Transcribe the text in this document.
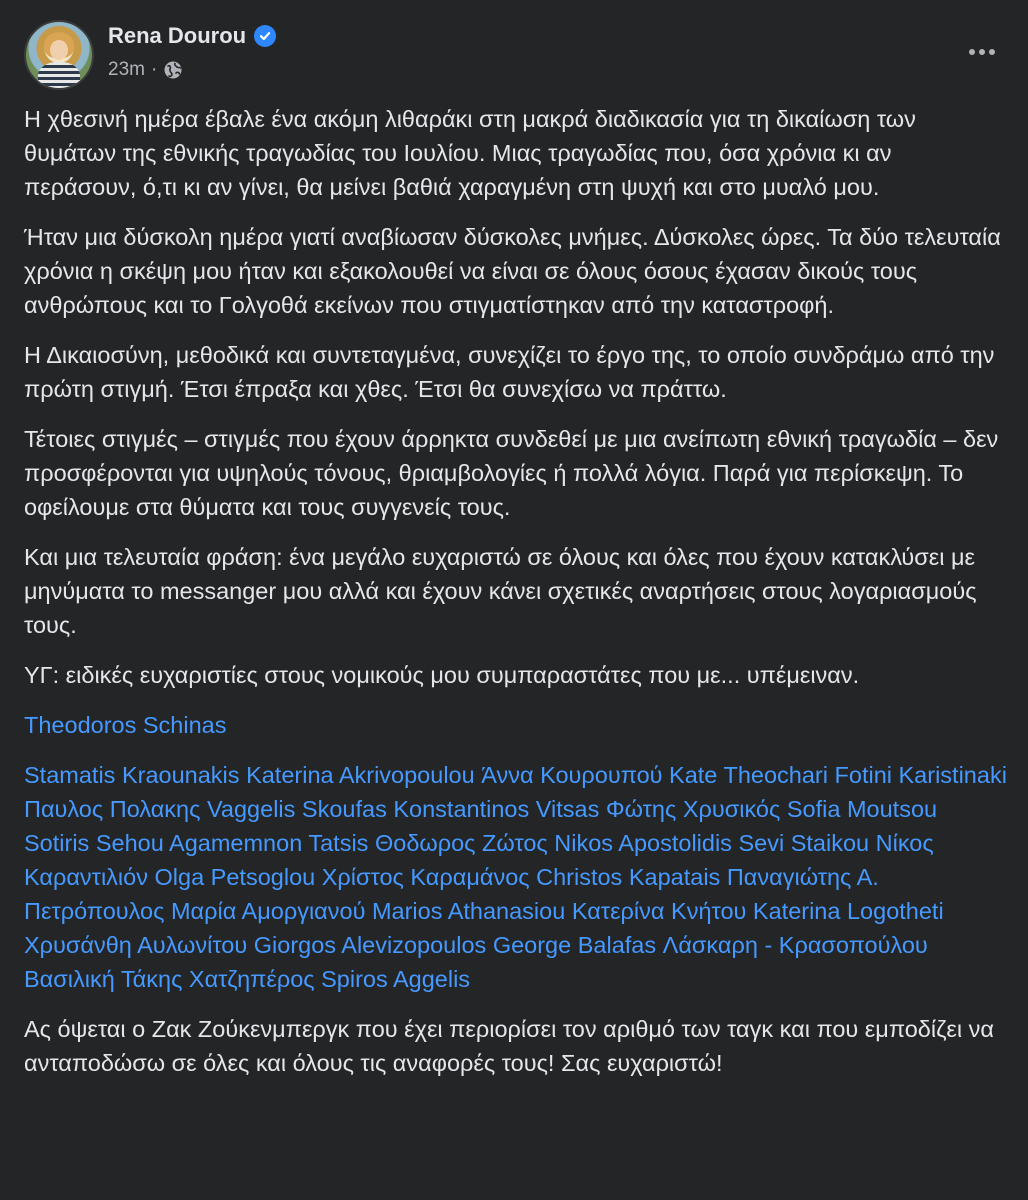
Rena Dourou
23m ·

Η χθεσινή ημέρα έβαλε ένα ακόμη λιθαράκι στη μακρά διαδικασία για τη δικαίωση των θυμάτων της εθνικής τραγωδίας του Ιουλίου. Μιας τραγωδίας που, όσα χρόνια κι αν περάσουν, ό,τι κι αν γίνει, θα μείνει βαθιά χαραγμένη στη ψυχή και στο μυαλό μου.

Ήταν μια δύσκολη ημέρα γιατί αναβίωσαν δύσκολες μνήμες. Δύσκολες ώρες. Τα δύο τελευταία χρόνια η σκέψη μου ήταν και εξακολουθεί να είναι σε όλους όσους έχασαν δικούς τους ανθρώπους και το Γολγοθά εκείνων που στιγματίστηκαν από την καταστροφή.

Η Δικαιοσύνη, μεθοδικά και συντεταγμένα, συνεχίζει το έργο της, το οποίο συνδράμω από την πρώτη στιγμή. Έτσι έπραξα και χθες. Έτσι θα συνεχίσω να πράττω.

Τέτοιες στιγμές – στιγμές που έχουν άρρηκτα συνδεθεί με μια ανείπωτη εθνική τραγωδία – δεν προσφέρονται για υψηλούς τόνους, θριαμβολογίες ή πολλά λόγια. Παρά για περίσκεψη. Το οφείλουμε στα θύματα και τους συγγενείς τους.

Και μια τελευταία φράση: ένα μεγάλο ευχαριστώ σε όλους και όλες που έχουν κατακλύσει με μηνύματα το messanger μου αλλά και έχουν κάνει σχετικές αναρτήσεις στους λογαριασμούς τους.

ΥΓ: ειδικές ευχαριστίες στους νομικούς μου συμπαραστάτες που με... υπέμειναν.

Theodoros Schinas

Stamatis Kraounakis Katerina Akrivopoulou Άννα Κουρουπού Kate Theochari Fotini Karistinaki Παυλος Πολακης Vaggelis Skoufas Konstantinos Vitsas Φώτης Χρυσικός Sofia Moutsou Sotiris Sehou Agamemnon Tatsis Θοδωρος Ζώτος Nikos Apostolidis Sevi Staikou Νίκος Καραντιλιόν Olga Petsoglou Χρίστος Καραμάνος Christos Kapatais Παναγιώτης Α. Πετρόπουλος Μαρία Αμοργιανού Marios Athanasiou Κατερίνα Κνήτου Katerina Logotheti Χρυσάνθη Αυλωνίτου Giorgos Alevizopoulos George Balafas Λάσκαρη - Κρασοπούλου Βασιλική Τάκης Χατζηπέρος Spiros Aggelis

Ας όψεται ο Ζακ Ζούκενμπεργκ που έχει περιορίσει τον αριθμό των ταγκ και που εμποδίζει να ανταποδώσω σε όλες και όλους τις αναφορές τους! Σας ευχαριστώ!
